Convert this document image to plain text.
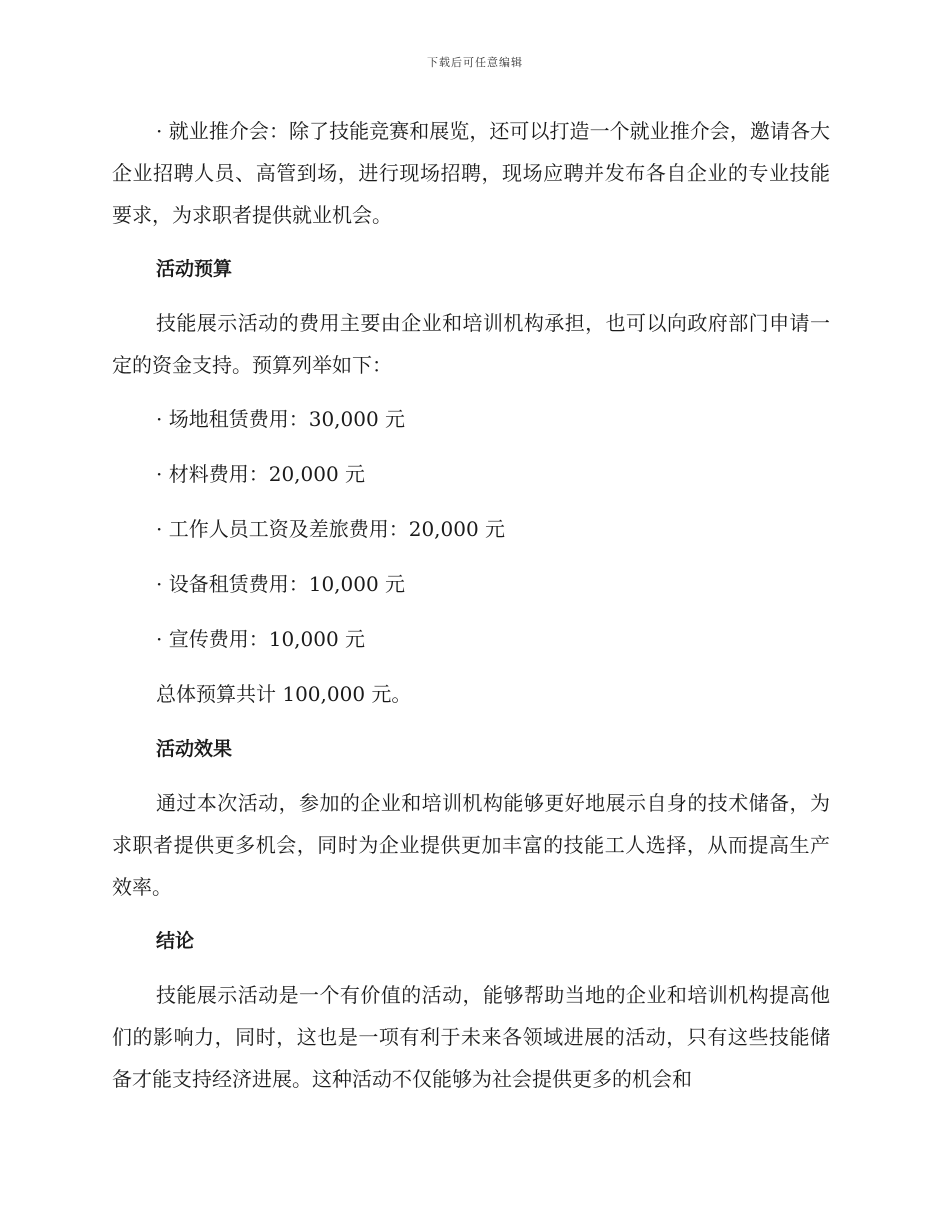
下载后可任意编辑

· 就业推介会：除了技能竞赛和展览，还可以打造一个就业推介会，邀请各大企业招聘人员、高管到场，进行现场招聘，现场应聘并发布各自企业的专业技能要求，为求职者提供就业机会。

活动预算

技能展示活动的费用主要由企业和培训机构承担，也可以向政府部门申请一定的资金支持。预算列举如下：

· 场地租赁费用：30,000 元
· 材料费用：20,000 元
· 工作人员工资及差旅费用：20,000 元
· 设备租赁费用：10,000 元
· 宣传费用：10,000 元
总体预算共计 100,000 元。
活动效果

通过本次活动，参加的企业和培训机构能够更好地展示自身的技术储备，为求职者提供更多机会，同时为企业提供更加丰富的技能工人选择，从而提高生产效率。

结论

技能展示活动是一个有价值的活动，能够帮助当地的企业和培训机构提高他们的影响力，同时，这也是一项有利于未来各领域进展的活动，只有这些技能储备才能支持经济进展。这种活动不仅能够为社会提供更多的机会和
